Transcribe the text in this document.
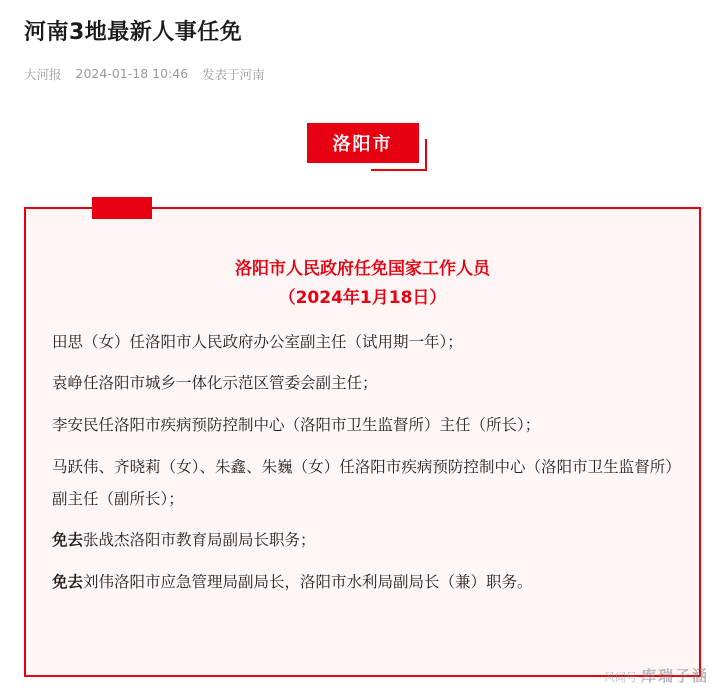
河南3地最新人事任免
大河报 2024-01-18 10:46 发表于河南
洛阳市
洛阳市人民政府任免国家工作人员
（2024年1月18日）

田思（女）任洛阳市人民政府办公室副主任（试用期一年）；

袁峥任洛阳市城乡一体化示范区管委会副主任；

李安民任洛阳市疾病预防控制中心（洛阳市卫生监督所）主任（所长）；

马跃伟、齐晓莉（女）、朱鑫、朱巍（女）任洛阳市疾病预防控制中心（洛阳市卫生监督所）副主任（副所长）；

免去张战杰洛阳市教育局副局长职务；

免去刘伟洛阳市应急管理局副局长，洛阳市水利局副局长（兼）职务。

风闻号 库瑞子涵
